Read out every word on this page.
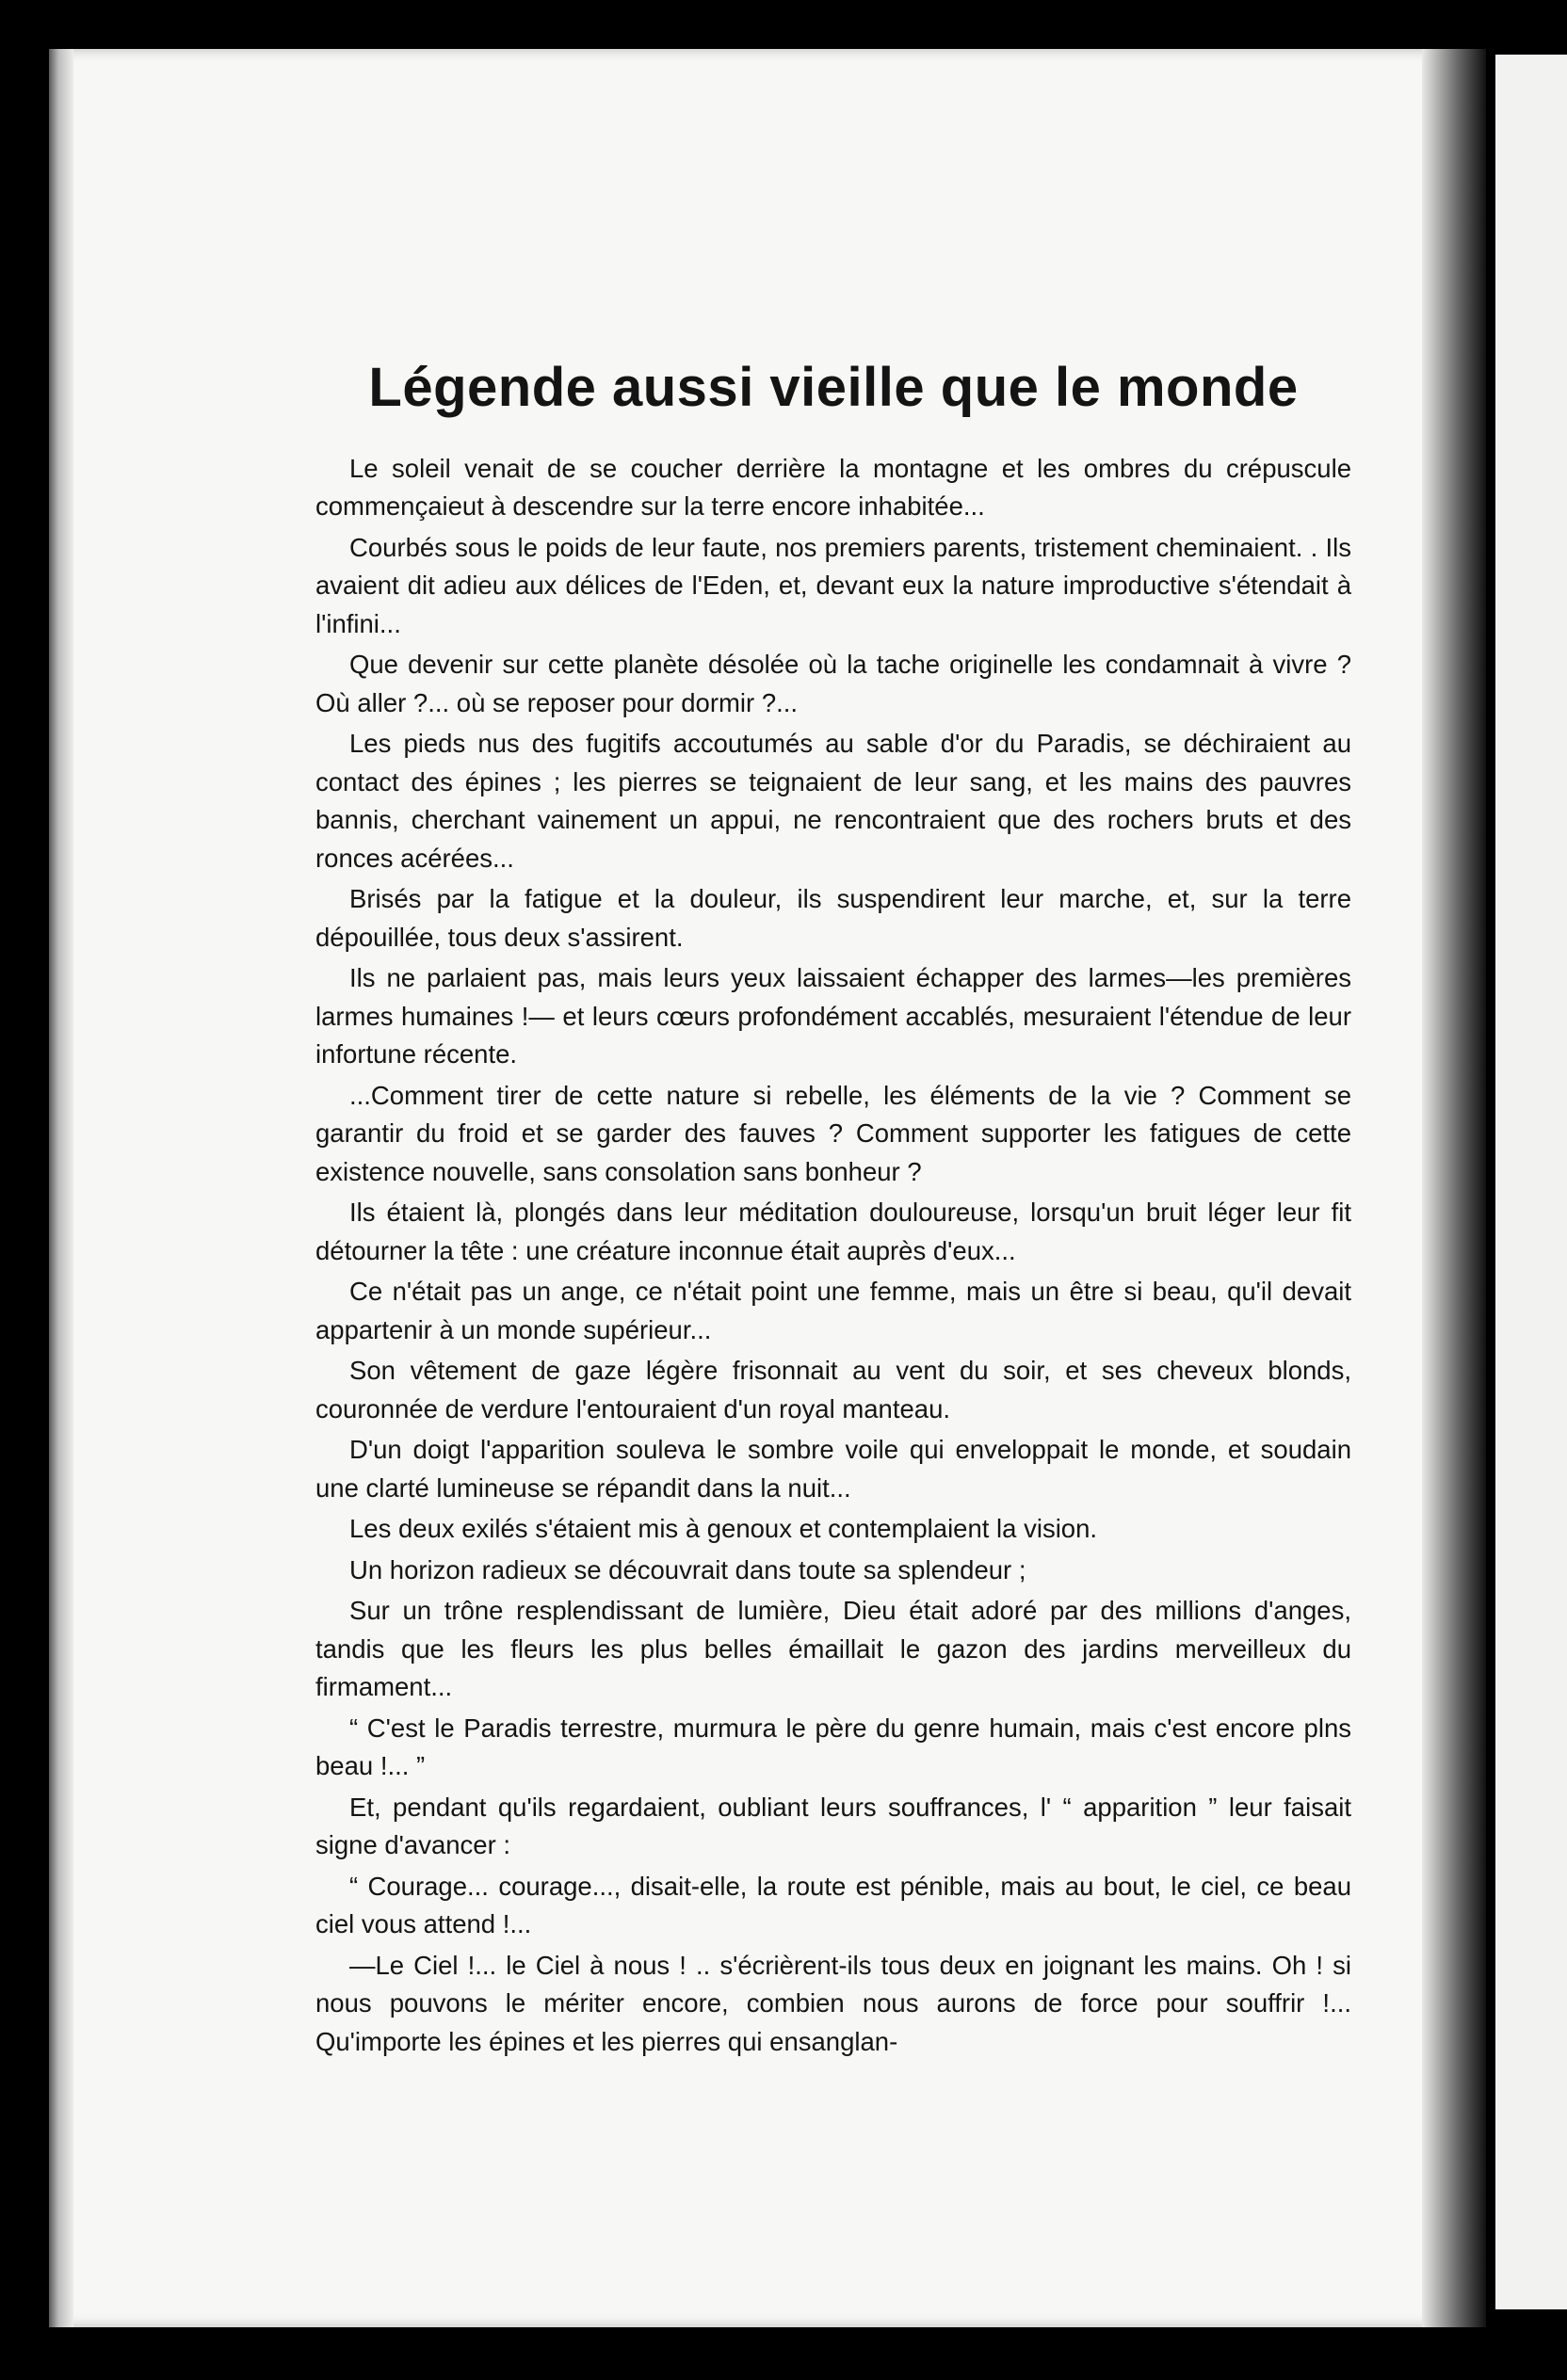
Légende aussi vieille que le monde

Le soleil venait de se coucher derrière la montagne et les ombres du crépuscule commençaieut à descendre sur la terre encore inhabitée...

Courbés sous le poids de leur faute, nos premiers parents, tristement cheminaient. . Ils avaient dit adieu aux délices de l'Eden, et, devant eux la nature improductive s'étendait à l'infini...

Que devenir sur cette planète désolée où la tache originelle les condamnait à vivre ? Où aller ?... où se reposer pour dormir ?...

Les pieds nus des fugitifs accoutumés au sable d'or du Paradis, se déchiraient au contact des épines ; les pierres se teignaient de leur sang, et les mains des pauvres bannis, cherchant vainement un appui, ne rencontraient que des rochers bruts et des ronces acérées...

Brisés par la fatigue et la douleur, ils suspendirent leur marche, et, sur la terre dépouillée, tous deux s'assirent.

Ils ne parlaient pas, mais leurs yeux laissaient échapper des larmes—les premières larmes humaines !— et leurs cœurs profondément accablés, mesuraient l'étendue de leur infortune récente.

...Comment tirer de cette nature si rebelle, les éléments de la vie ? Comment se garantir du froid et se garder des fauves ? Comment supporter les fatigues de cette existence nouvelle, sans consolation sans bonheur ?

Ils étaient là, plongés dans leur méditation douloureuse, lorsqu'un bruit léger leur fit détourner la tête : une créature inconnue était auprès d'eux...

Ce n'était pas un ange, ce n'était point une femme, mais un être si beau, qu'il devait appartenir à un monde supérieur...

Son vêtement de gaze légère frisonnait au vent du soir, et ses cheveux blonds, couronnée de verdure l'entouraient d'un royal manteau.

D'un doigt l'apparition souleva le sombre voile qui enveloppait le monde, et soudain une clarté lumineuse se répandit dans la nuit...

Les deux exilés s'étaient mis à genoux et contemplaient la vision.

Un horizon radieux se découvrait dans toute sa splendeur ;

Sur un trône resplendissant de lumière, Dieu était adoré par des millions d'anges, tandis que les fleurs les plus belles émaillait le gazon des jardins merveilleux du firmament...

“ C'est le Paradis terrestre, murmura le père du genre humain, mais c'est encore plns beau !... ”

Et, pendant qu'ils regardaient, oubliant leurs souffrances, l' “ apparition ” leur faisait signe d'avancer :

“ Courage... courage..., disait-elle, la route est pénible, mais au bout, le ciel, ce beau ciel vous attend !...

—Le Ciel !... le Ciel à nous ! .. s'écrièrent-ils tous deux en joignant les mains. Oh ! si nous pouvons le mériter encore, combien nous aurons de force pour souffrir !... Qu'importe les épines et les pierres qui ensanglan-
